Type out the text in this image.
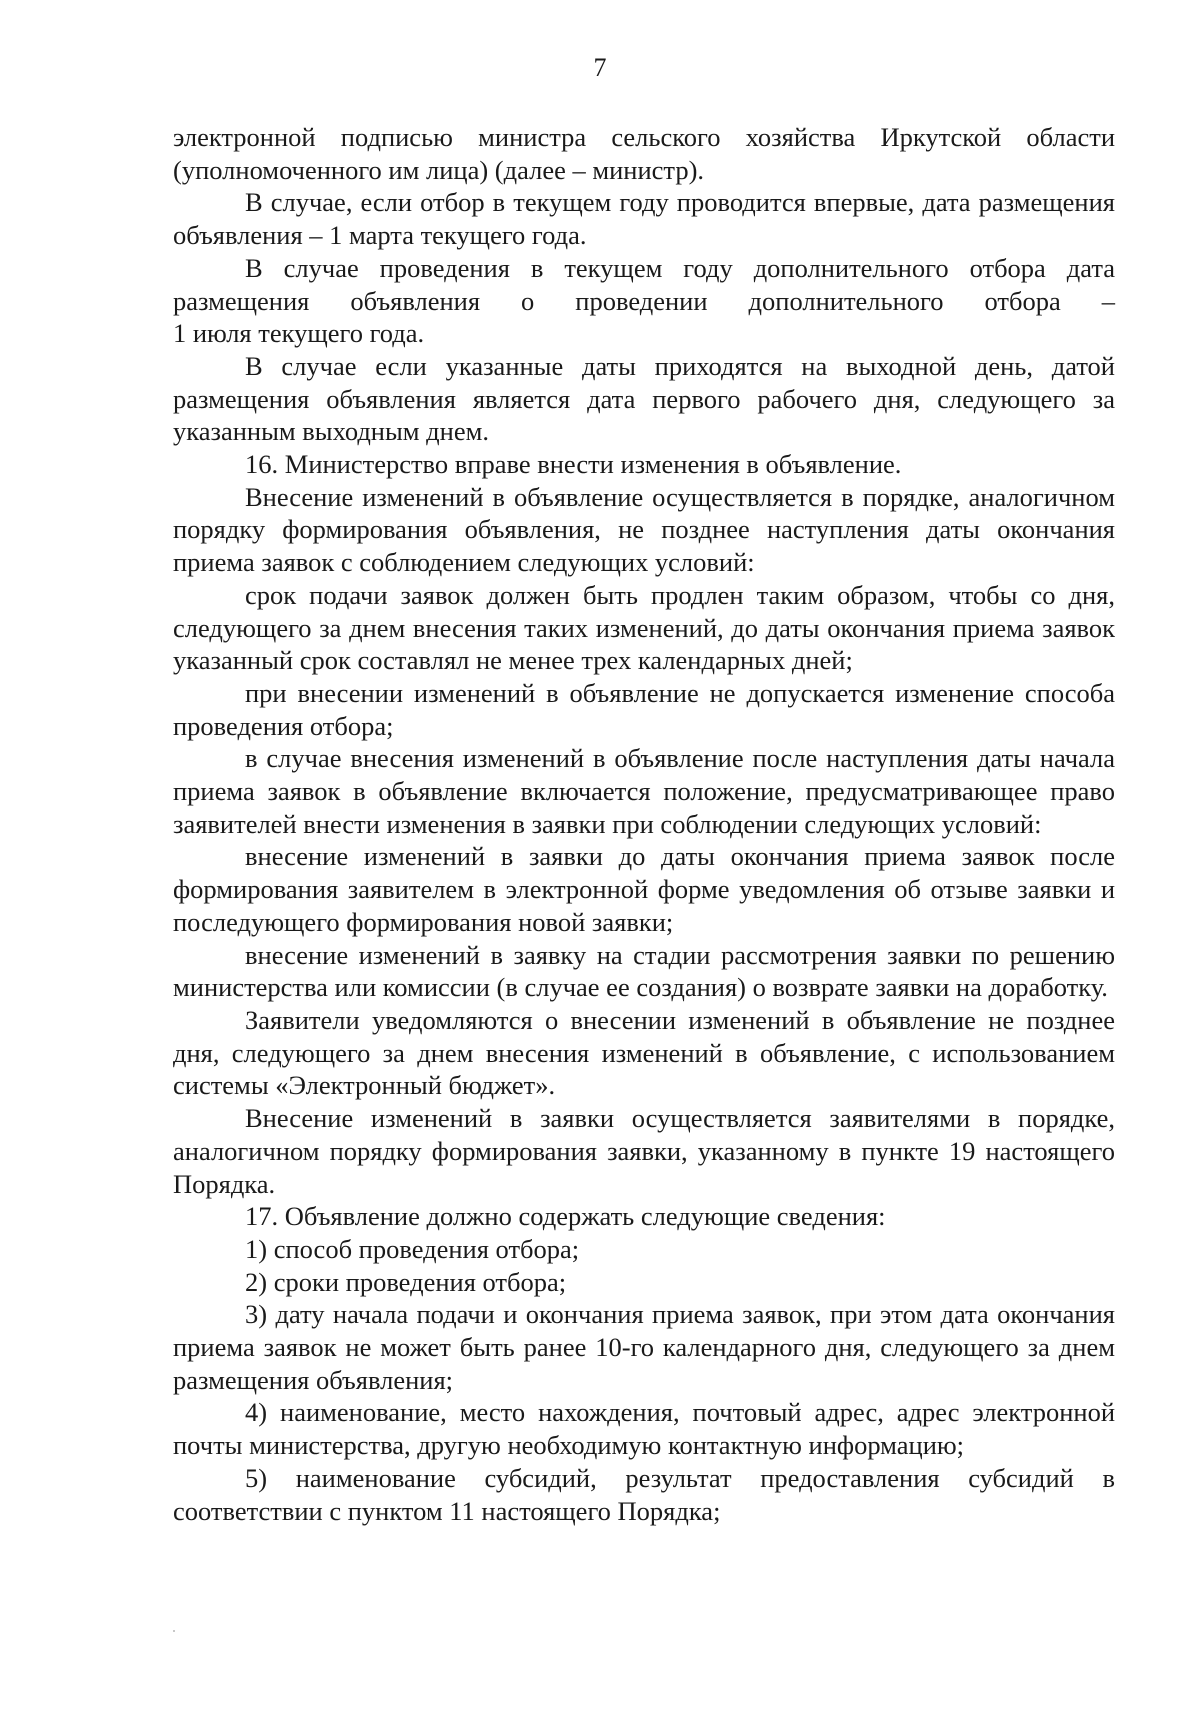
7

электронной подписью министра сельского хозяйства Иркутской области (уполномоченного им лица) (далее – министр).

В случае, если отбор в текущем году проводится впервые, дата размещения объявления – 1 марта текущего года.

В случае проведения в текущем году дополнительного отбора дата размещения объявления о проведении дополнительного отбора –

1 июля текущего года.

В случае если указанные даты приходятся на выходной день, датой размещения объявления является дата первого рабочего дня, следующего за указанным выходным днем.

16. Министерство вправе внести изменения в объявление.

Внесение изменений в объявление осуществляется в порядке, аналогичном порядку формирования объявления, не позднее наступления даты окончания приема заявок с соблюдением следующих условий:

срок подачи заявок должен быть продлен таким образом, чтобы со дня, следующего за днем внесения таких изменений, до даты окончания приема заявок указанный срок составлял не менее трех календарных дней;

при внесении изменений в объявление не допускается изменение способа проведения отбора;

в случае внесения изменений в объявление после наступления даты начала приема заявок в объявление включается положение, предусматривающее право заявителей внести изменения в заявки при соблюдении следующих условий:

внесение изменений в заявки до даты окончания приема заявок после формирования заявителем в электронной форме уведомления об отзыве заявки и последующего формирования новой заявки;

внесение изменений в заявку на стадии рассмотрения заявки по решению министерства или комиссии (в случае ее создания) о возврате заявки на доработку.

Заявители уведомляются о внесении изменений в объявление не позднее дня, следующего за днем внесения изменений в объявление, с использованием системы «Электронный бюджет».

Внесение изменений в заявки осуществляется заявителями в порядке, аналогичном порядку формирования заявки, указанному в пункте 19 настоящего Порядка.

17. Объявление должно содержать следующие сведения:

1) способ проведения отбора;

2) сроки проведения отбора;

3) дату начала подачи и окончания приема заявок, при этом дата окончания приема заявок не может быть ранее 10-го календарного дня, следующего за днем размещения объявления;

4) наименование, место нахождения, почтовый адрес, адрес электронной почты министерства, другую необходимую контактную информацию;

5) наименование субсидий, результат предоставления субсидий в соответствии с пунктом 11 настоящего Порядка;
